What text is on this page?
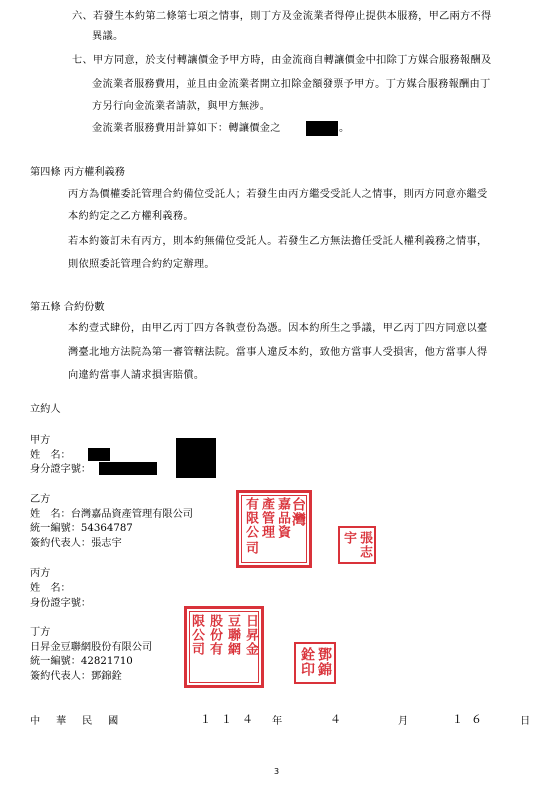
六、若發生本約第二條第七項之情事，則丁方及金流業者得停止提供本服務，甲乙兩方不得
異議。
七、甲方同意，於支付轉讓價金予甲方時，由金流商自轉讓價金中扣除丁方媒合服務報酬及
金流業者服務費用，並且由金流業者開立扣除金額發票予甲方。丁方媒合服務報酬由丁
方另行向金流業者請款，與甲方無涉。
金流業者服務費用計算如下：轉讓價金之	。
第四條 丙方權利義務
丙方為價權委託管理合約備位受託人；若發生由丙方繼受受託人之情事，則丙方同意亦繼受
本約約定之乙方權利義務。
若本約簽訂未有丙方，則本約無備位受託人。若發生乙方無法擔任受託人權利義務之情事，
則依照委託管理合約約定辦理。
第五條 合約份數
本約壹式肆份，由甲乙丙丁四方各執壹份為憑。因本約所生之爭議，甲乙丙丁四方同意以臺
灣臺北地方法院為第一審管轄法院。當事人違反本約，致他方當事人受損害，他方當事人得
向違約當事人請求損害賠償。
立約人
甲方
姓　名：
身分證字號：
乙方
姓　名：台灣嘉品資產管理有限公司
統一編號：54364787
簽約代表人：張志宇
台灣
嘉品資
產管理
有限公
司	張志
宇
丙方
姓　名：
身份證字號：
丁方
日昇金豆聯網股份有限公司
統一編號：42821710
簽約代表人：鄧錦銓
日昇金
豆聯網
股份有
限公司
鄧錦
銓印
中 華 民 國	１１４ 年	４	月	１６	日
3
